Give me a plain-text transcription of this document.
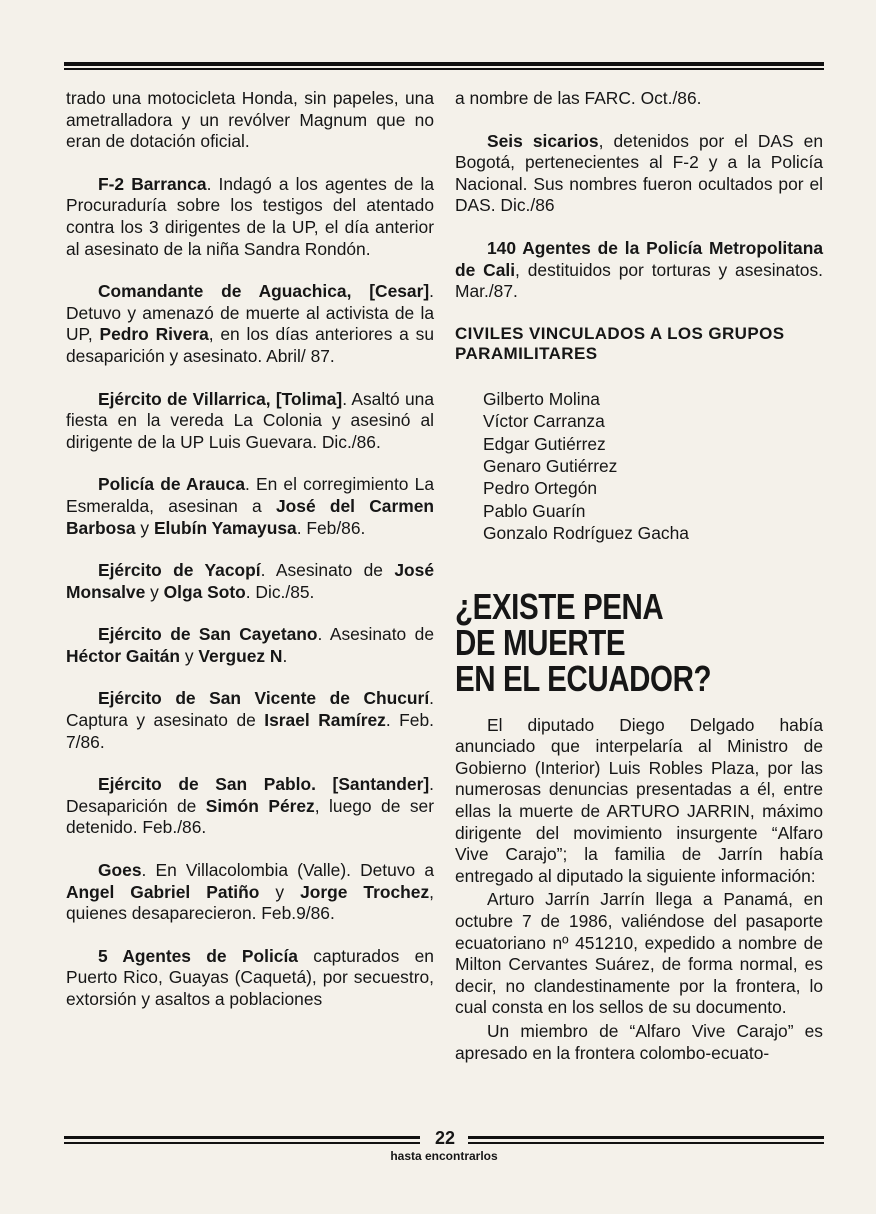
trado una motocicleta Honda, sin papeles, una ametralladora y un revólver Magnum que no eran de dotación oficial.

F-2 Barranca. Indagó a los agentes de la Procuraduría sobre los testigos del atentado contra los 3 dirigentes de la UP, el día anterior al asesinato de la niña Sandra Rondón.

Comandante de Aguachica, [Cesar]. Detuvo y amenazó de muerte al activista de la UP, Pedro Rivera, en los días anteriores a su desaparición y asesinato. Abril/ 87.

Ejército de Villarrica, [Tolima]. Asaltó una fiesta en la vereda La Colonia y asesinó al dirigente de la UP Luis Guevara. Dic./86.

Policía de Arauca. En el corregimiento La Esmeralda, asesinan a José del Carmen Barbosa y Elubín Yamayusa. Feb/86.

Ejército de Yacopí. Asesinato de José Monsalve y Olga Soto. Dic./85.

Ejército de San Cayetano. Asesinato de Héctor Gaitán y Verguez N.

Ejército de San Vicente de Chucurí. Captura y asesinato de Israel Ramírez. Feb. 7/86.

Ejército de San Pablo. [Santander]. Desaparición de Simón Pérez, luego de ser detenido. Feb./86.

Goes. En Villacolombia (Valle). Detuvo a Angel Gabriel Patiño y Jorge Trochez, quienes desaparecieron. Feb.9/86.

5 Agentes de Policía capturados en Puerto Rico, Guayas (Caquetá), por secuestro, extorsión y asaltos a poblaciones

a nombre de las FARC. Oct./86.

Seis sicarios, detenidos por el DAS en Bogotá, pertenecientes al F-2 y a la Policía Nacional. Sus nombres fueron ocultados por el DAS. Dic./86

140 Agentes de la Policía Metropolitana de Cali, destituidos por torturas y asesinatos. Mar./87.

CIVILES VINCULADOS A LOS GRUPOS PARAMILITARES
Gilberto Molina
Víctor Carranza
Edgar Gutiérrez
Genaro Gutiérrez
Pedro Ortegón
Pablo Guarín
Gonzalo Rodríguez Gacha
¿EXISTE PENA
DE MUERTE
EN EL ECUADOR?

El diputado Diego Delgado había anunciado que interpelaría al Ministro de Gobierno (Interior) Luis Robles Plaza, por las numerosas denuncias presentadas a él, entre ellas la muerte de ARTURO JARRIN, máximo dirigente del movimiento insurgente “Alfaro Vive Carajo”; la familia de Jarrín había entregado al diputado la siguiente información:

Arturo Jarrín Jarrín llega a Panamá, en octubre 7 de 1986, valiéndose del pasaporte ecuatoriano nº 451210, expedido a nombre de Milton Cervantes Suárez, de forma normal, es decir, no clandestinamente por la frontera, lo cual consta en los sellos de su documento.

Un miembro de “Alfaro Vive Carajo” es apresado en la frontera colombo-ecuato-

22
hasta encontrarlos
